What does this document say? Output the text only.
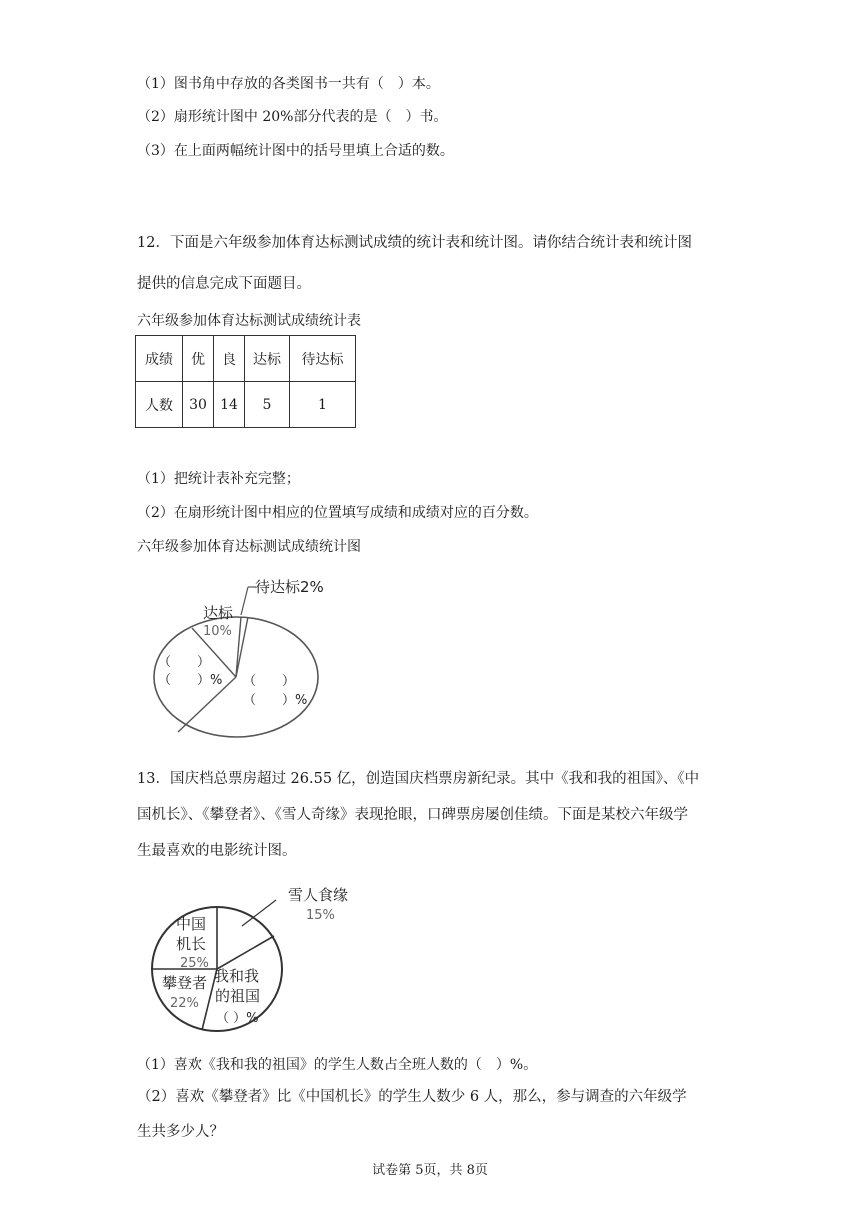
（1）图书角中存放的各类图书一共有（　）本。
（2）扇形统计图中 20%部分代表的是（　）书。
（3）在上面两幅统计图中的括号里填上合适的数。
12．下面是六年级参加体育达标测试成绩的统计表和统计图。请你结合统计表和统计图
提供的信息完成下面题目。
六年级参加体育达标测试成绩统计表
成绩	优	良	达标	待达标
人数	30	14	5	1
（1）把统计表补充完整；
（2）在扇形统计图中相应的位置填写成绩和成绩对应的百分数。
六年级参加体育达标测试成绩统计图
待达标2%
达标
10%
（　　）
（　　）% （　　）
（　　）%
13．国庆档总票房超过 26.55 亿，创造国庆档票房新纪录。其中《我和我的祖国》、《中
国机长》、《攀登者》、《雪人奇缘》表现抢眼，口碑票房屡创佳绩。下面是某校六年级学
生最喜欢的电影统计图。
雪人食缘
15%
中国
机长
25%
攀登者
22%
我和我
的祖国
（ ）%
（1）喜欢《我和我的祖国》的学生人数占全班人数的（　）%。
（2）喜欢《攀登者》比《中国机长》的学生人数少 6 人，那么，参与调查的六年级学
生共多少人？
试卷第 5页，共 8页
